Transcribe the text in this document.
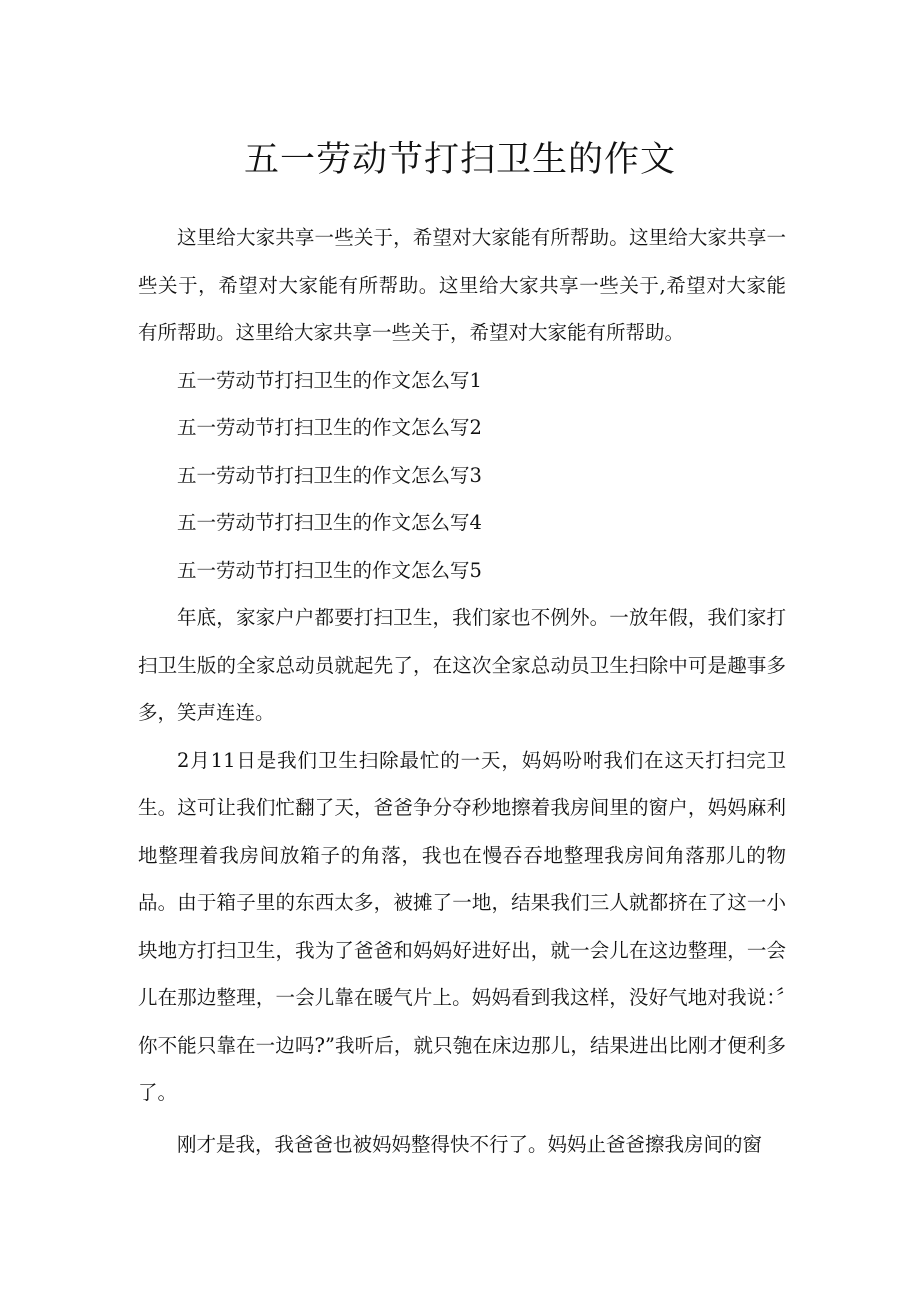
五一劳动节打扫卫生的作文

这里给大家共享一些关于，希望对大家能有所帮助。这里给大家共享一些关于，希望对大家能有所帮助。这里给大家共享一些关于,希望对大家能有所帮助。这里给大家共享一些关于，希望对大家能有所帮助。

五一劳动节打扫卫生的作文怎么写1

五一劳动节打扫卫生的作文怎么写2

五一劳动节打扫卫生的作文怎么写3

五一劳动节打扫卫生的作文怎么写4

五一劳动节打扫卫生的作文怎么写5

年底，家家户户都要打扫卫生，我们家也不例外。一放年假，我们家打扫卫生版的全家总动员就起先了，在这次全家总动员卫生扫除中可是趣事多多，笑声连连。

2月11日是我们卫生扫除最忙的一天，妈妈吩咐我们在这天打扫完卫生。这可让我们忙翻了天，爸爸争分夺秒地擦着我房间里的窗户，妈妈麻利地整理着我房间放箱子的角落，我也在慢吞吞地整理我房间角落那儿的物品。由于箱子里的东西太多，被摊了一地，结果我们三人就都挤在了这一小块地方打扫卫生，我为了爸爸和妈妈好进好出，就一会儿在这边整理，一会儿在那边整理，一会儿靠在暖气片上。妈妈看到我这样，没好气地对我说：〞你不能只靠在一边吗?”我听后，就只匏在床边那儿，结果进出比刚才便利多了。

刚才是我，我爸爸也被妈妈整得快不行了。妈妈止爸爸擦我房间的窗
